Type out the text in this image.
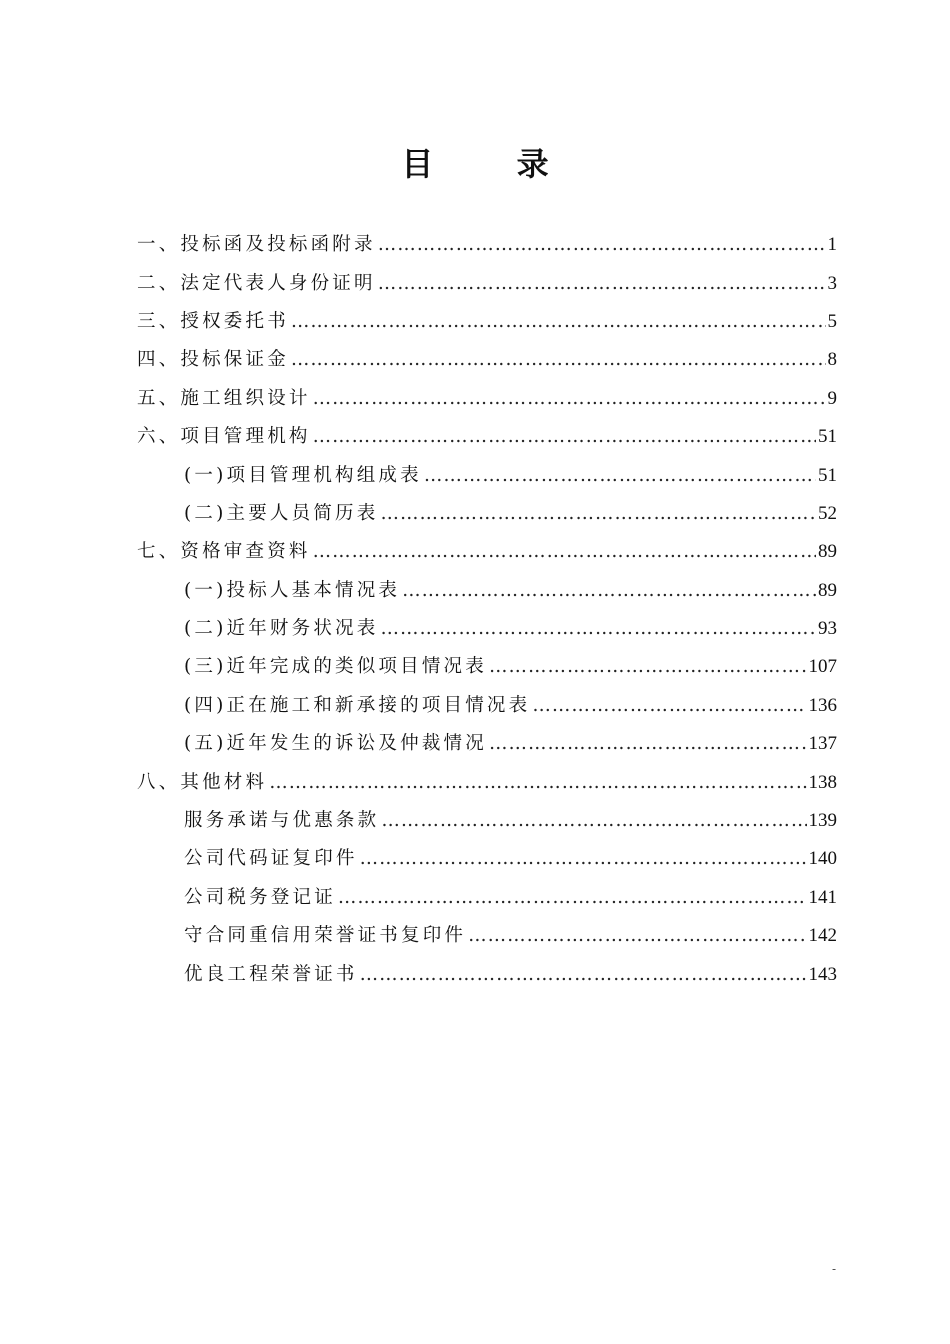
目 录
一、投标函及投标函附录 …………………………………………………………………………………………………………………………………………	1
二、法定代表人身份证明 …………………………………………………………………………………………………………………………………………	3
三、授权委托书 …………………………………………………………………………………………………………………………………………	5
四、投标保证金 …………………………………………………………………………………………………………………………………………	8
五、施工组织设计 …………………………………………………………………………………………………………………………………………	9
六、项目管理机构 …………………………………………………………………………………………………………………………………………	51
(一)项目管理机构组成表 …………………………………………………………………………………………………………………………………………	51
(二)主要人员简历表 …………………………………………………………………………………………………………………………………………	52
七、资格审查资料 …………………………………………………………………………………………………………………………………………	89
(一)投标人基本情况表 …………………………………………………………………………………………………………………………………………	89
(二)近年财务状况表 …………………………………………………………………………………………………………………………………………	93
(三)近年完成的类似项目情况表 …………………………………………………………………………………………………………………………………………	107
(四)正在施工和新承接的项目情况表 …………………………………………………………………………………………………………………………………………	136
(五)近年发生的诉讼及仲裁情况 …………………………………………………………………………………………………………………………………………	137
八、其他材料 …………………………………………………………………………………………………………………………………………	138
服务承诺与优惠条款 …………………………………………………………………………………………………………………………………………	139
公司代码证复印件 …………………………………………………………………………………………………………………………………………	140
公司税务登记证 …………………………………………………………………………………………………………………………………………	141
守合同重信用荣誉证书复印件 …………………………………………………………………………………………………………………………………………	142
优良工程荣誉证书 …………………………………………………………………………………………………………………………………………	143
-
